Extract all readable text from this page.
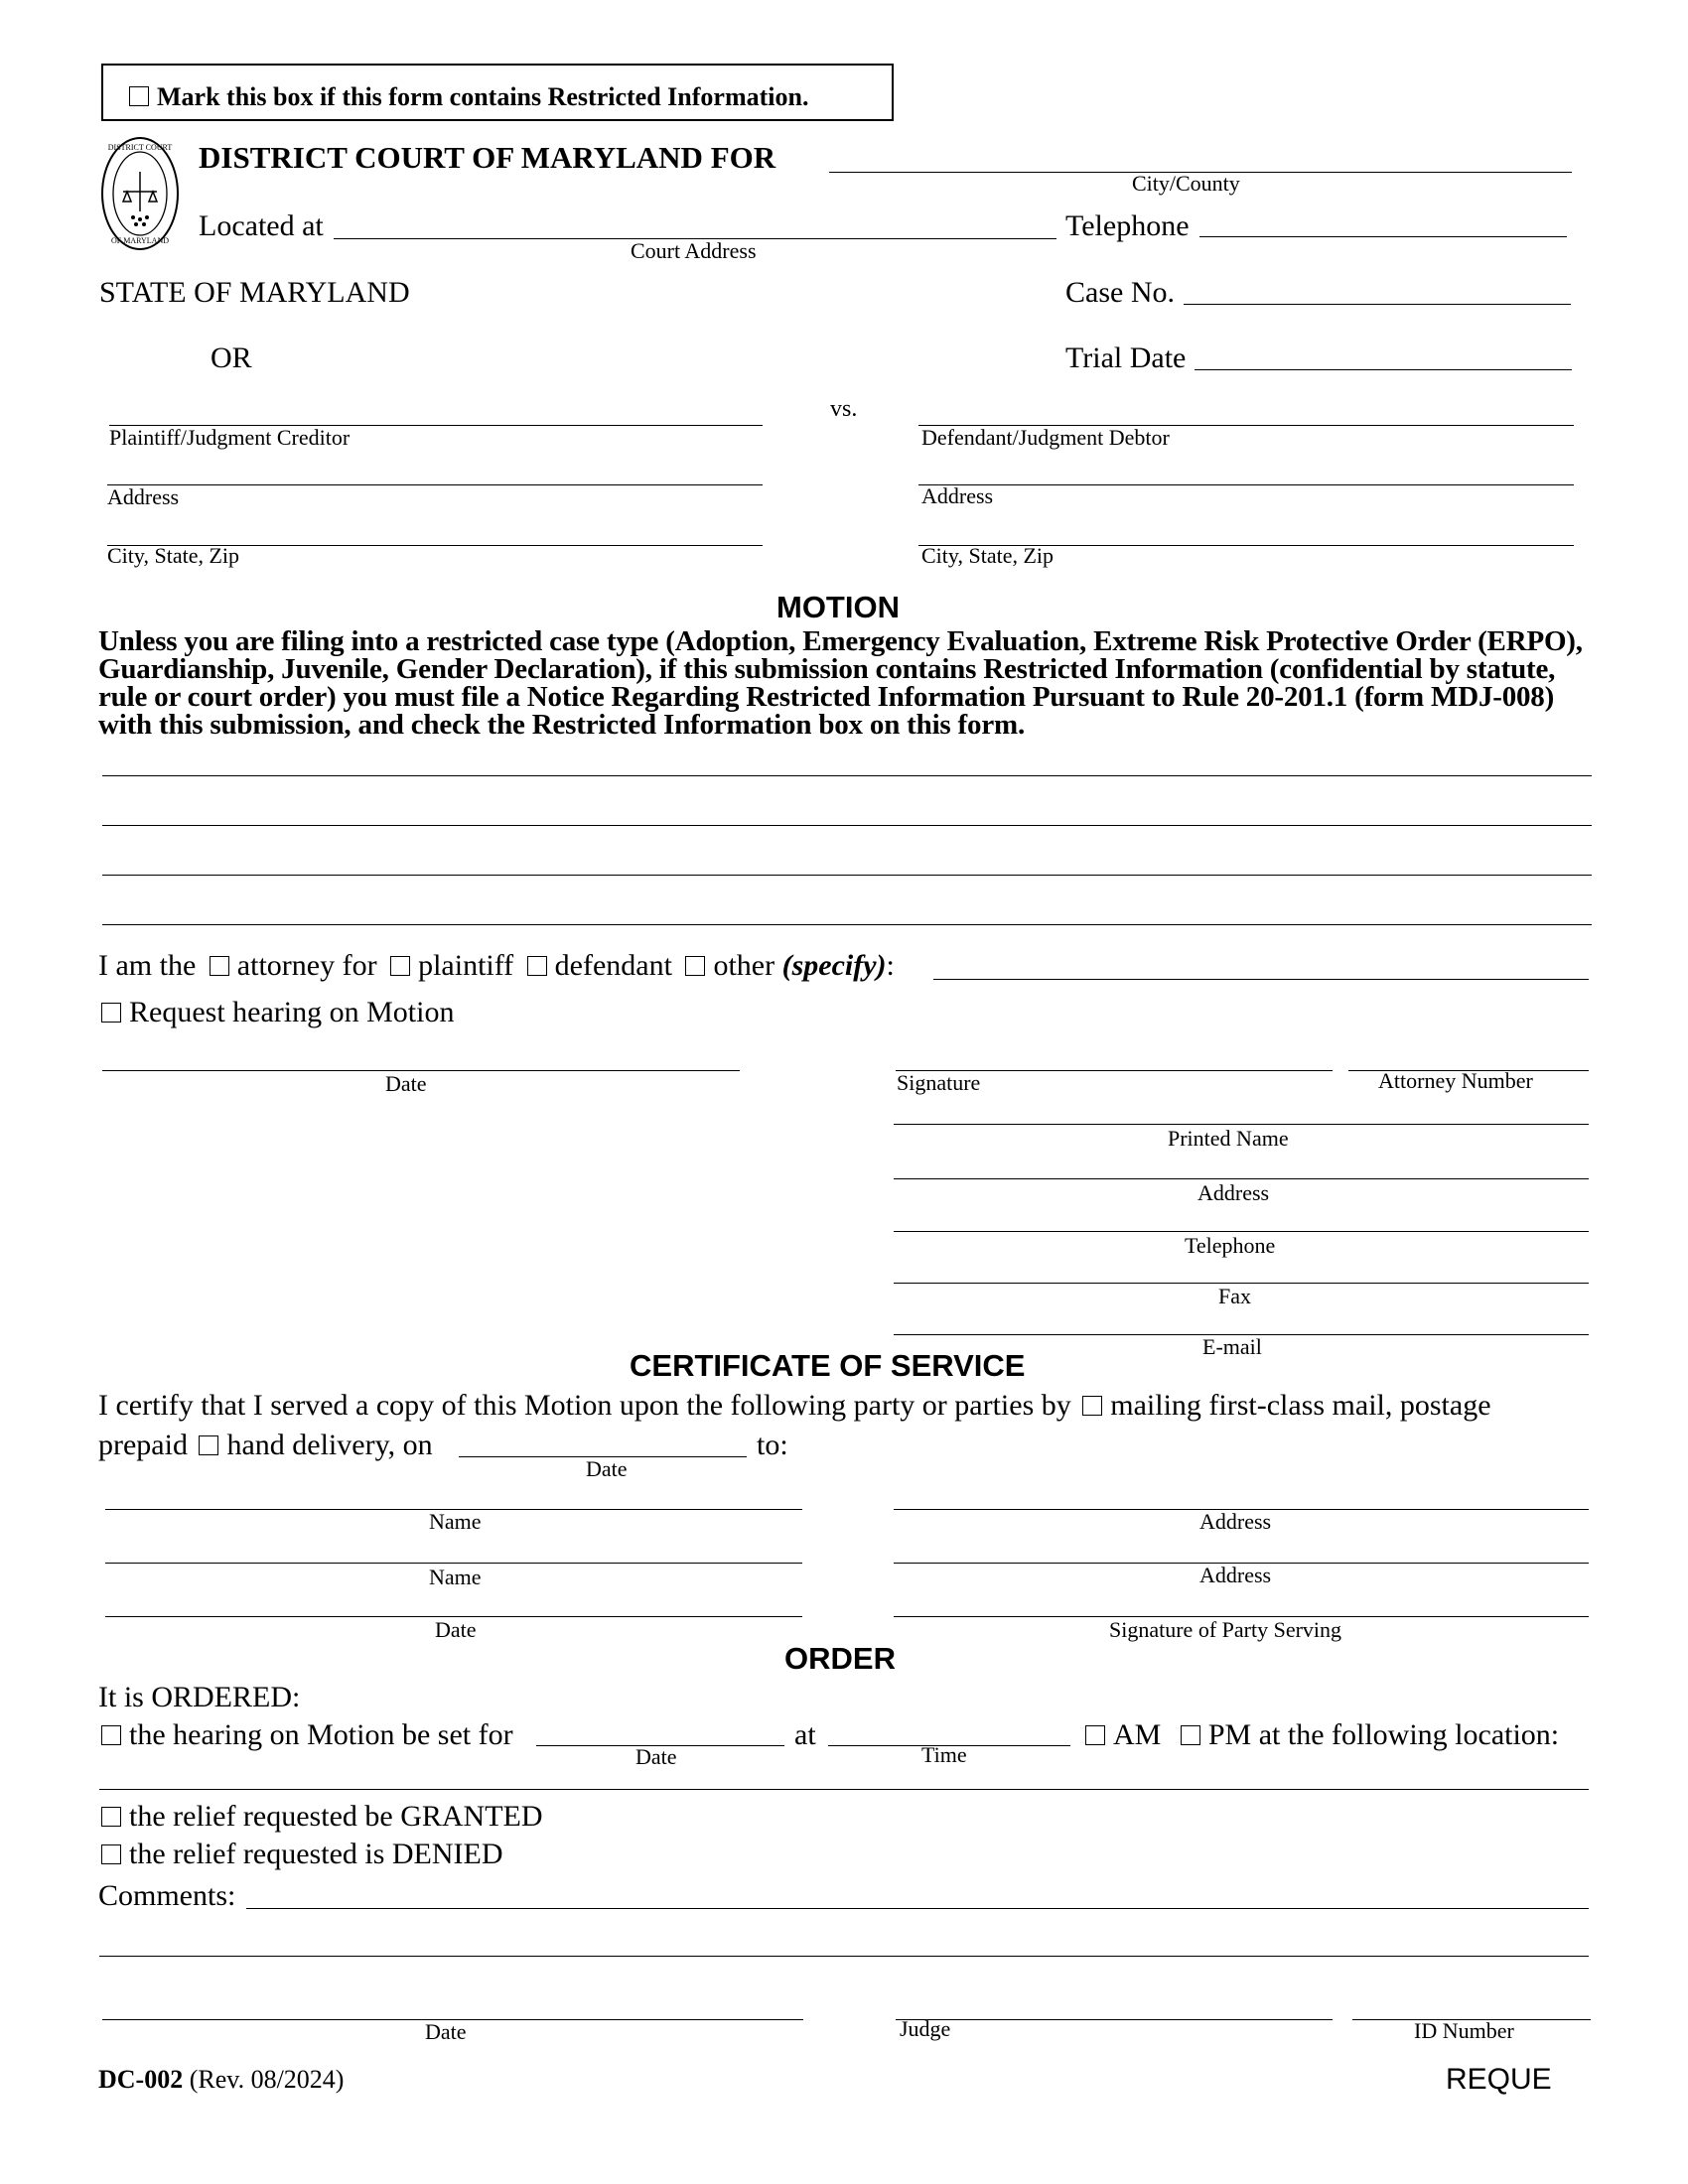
Mark this box if this form contains Restricted Information.
DISTRICT COURT
OF MARYLAND
DISTRICT COURT OF MARYLAND FOR
City/County
Located at
Court Address
Telephone
STATE OF MARYLAND	Case No.
OR	Trial Date
vs.
Plaintiff/Judgment Creditor	Defendant/Judgment Debtor
Address	Address
City, State, Zip	City, State, Zip
MOTION
Unless you are filing into a restricted case type (Adoption, Emergency Evaluation, Extreme Risk Protective Order (ERPO), Guardianship, Juvenile, Gender Declaration), if this submission contains Restricted Information (confidential by statute, rule or court order) you must file a Notice Regarding Restricted Information Pursuant to Rule 20-201.1 (form MDJ-008) with this submission, and check the Restricted Information box on this form.
I am the attorney for plaintiff defendant other (specify):
Request hearing on Motion
Date	Signature	Attorney Number
Printed Name
Address
Telephone
Fax
E-mail
CERTIFICATE OF SERVICE
I certify that I served a copy of this Motion upon the following party or parties by mailing first-class mail, postage
prepaid hand delivery, on
Date
to:
Name	Address
Name	Address
Date	Signature of Party Serving
ORDER
It is ORDERED:
the hearing on Motion be set for
Date
at
Time
AM PM at the following location:
the relief requested be GRANTED
the relief requested is DENIED
Comments:
Date	Judge	ID Number
DC-002 (Rev. 08/2024)	REQUE
